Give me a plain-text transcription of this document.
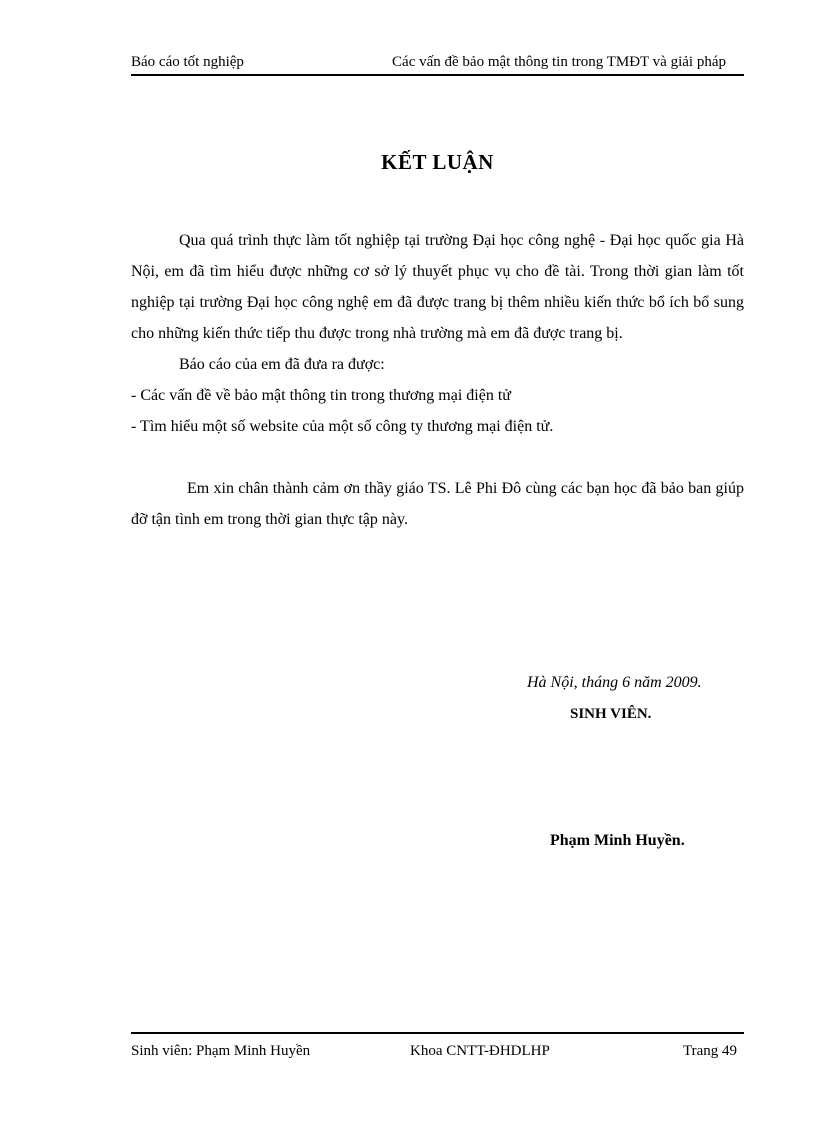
Báo cáo tốt nghiệp	Các vấn đề bảo mật thông tin trong TMĐT và giải pháp
KẾT LUẬN

Qua quá trình thực làm tốt nghiệp tại trường Đại học công nghệ - Đại học quốc gia Hà Nội, em đã tìm hiểu được những cơ sở lý thuyết phục vụ cho đề tài. Trong thời gian làm tốt nghiệp tại trường Đại học công nghệ em đã được trang bị thêm nhiều kiến thức bổ ích bổ sung cho những kiến thức tiếp thu được trong nhà trường mà em đã được trang bị.

Báo cáo của em đã đưa ra được:

- Các vấn đề về bảo mật thông tin trong thương mại điện tử

- Tìm hiểu một số website của một số công ty thương mại điện tử.

Em xin chân thành cảm ơn thầy giáo TS. Lê Phi Đô cùng các bạn học đã bảo ban giúp đỡ tận tình em trong thời gian thực tập này.

Hà Nội, tháng 6 năm 2009.
SINH VIÊN.
Phạm Minh Huyền.
Sinh viên: Phạm Minh Huyền	Khoa CNTT-ĐHDLHP	Trang 49
